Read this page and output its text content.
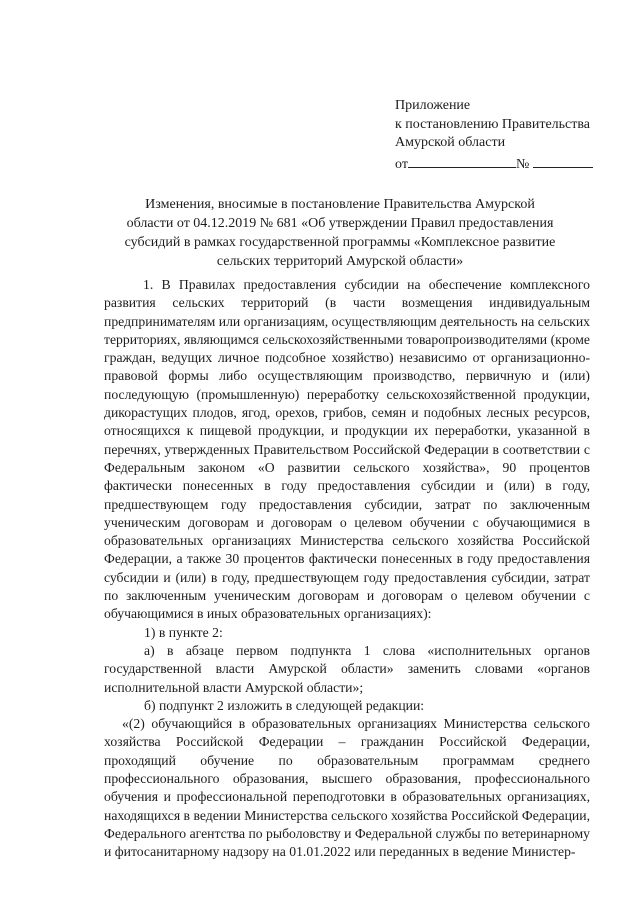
Приложение
к постановлению Правительства
Амурской области
от	№
Изменения, вносимые в постановление Правительства Амурской
области от 04.12.2019 № 681 «Об утверждении Правил предоставления
субсидий в рамках государственной программы «Комплексное развитие
сельских территорий Амурской области»

1. В Правилах предоставления субсидии на обеспечение комплексного развития сельских территорий (в части возмещения индивидуальным предпринимателям или организациям, осуществляющим деятельность на сельских территориях, являющимся сельскохозяйственными товаропроизводителями (кроме граждан, ведущих личное подсобное хозяйство) независимо от организационно-правовой формы либо осуществляющим производство, первичную и (или) последующую (промышленную) переработку сельскохозяйственной продукции, дикорастущих плодов, ягод, орехов, грибов, семян и подобных лесных ресурсов, относящихся к пищевой продукции, и продукции их переработки, указанной в перечнях, утвержденных Правительством Российской Федерации в соответствии с Федеральным законом «О развитии сельского хозяйства», 90 процентов фактически понесенных в году предоставления субсидии и (или) в году, предшествующем году предоставления субсидии, затрат по заключенным ученическим договорам и договорам о целевом обучении с обучающимися в образовательных организациях Министерства сельского хозяйства Российской Федерации, а также 30 процентов фактически понесенных в году предоставления субсидии и (или) в году, предшествующем году предоставления субсидии, затрат по заключенным ученическим договорам и договорам о целевом обучении с обучающимися в иных образовательных организациях):

1) в пункте 2:

а) в абзаце первом подпункта 1 слова «исполнительных органов государственной власти Амурской области» заменить словами «органов исполнительной власти Амурской области»;

б) подпункт 2 изложить в следующей редакции:

«(2) обучающийся в образовательных организациях Министерства сельского хозяйства Российской Федерации – гражданин Российской Федерации, проходящий обучение по образовательным программам среднего профессионального образования, высшего образования, профессионального обучения и профессиональной переподготовки в образовательных организациях, находящихся в ведении Министерства сельского хозяйства Российской Федерации, Федерального агентства по рыболовству и Федеральной службы по ветеринарному и фитосанитарному надзору на 01.01.2022 или переданных в ведение Министер-
